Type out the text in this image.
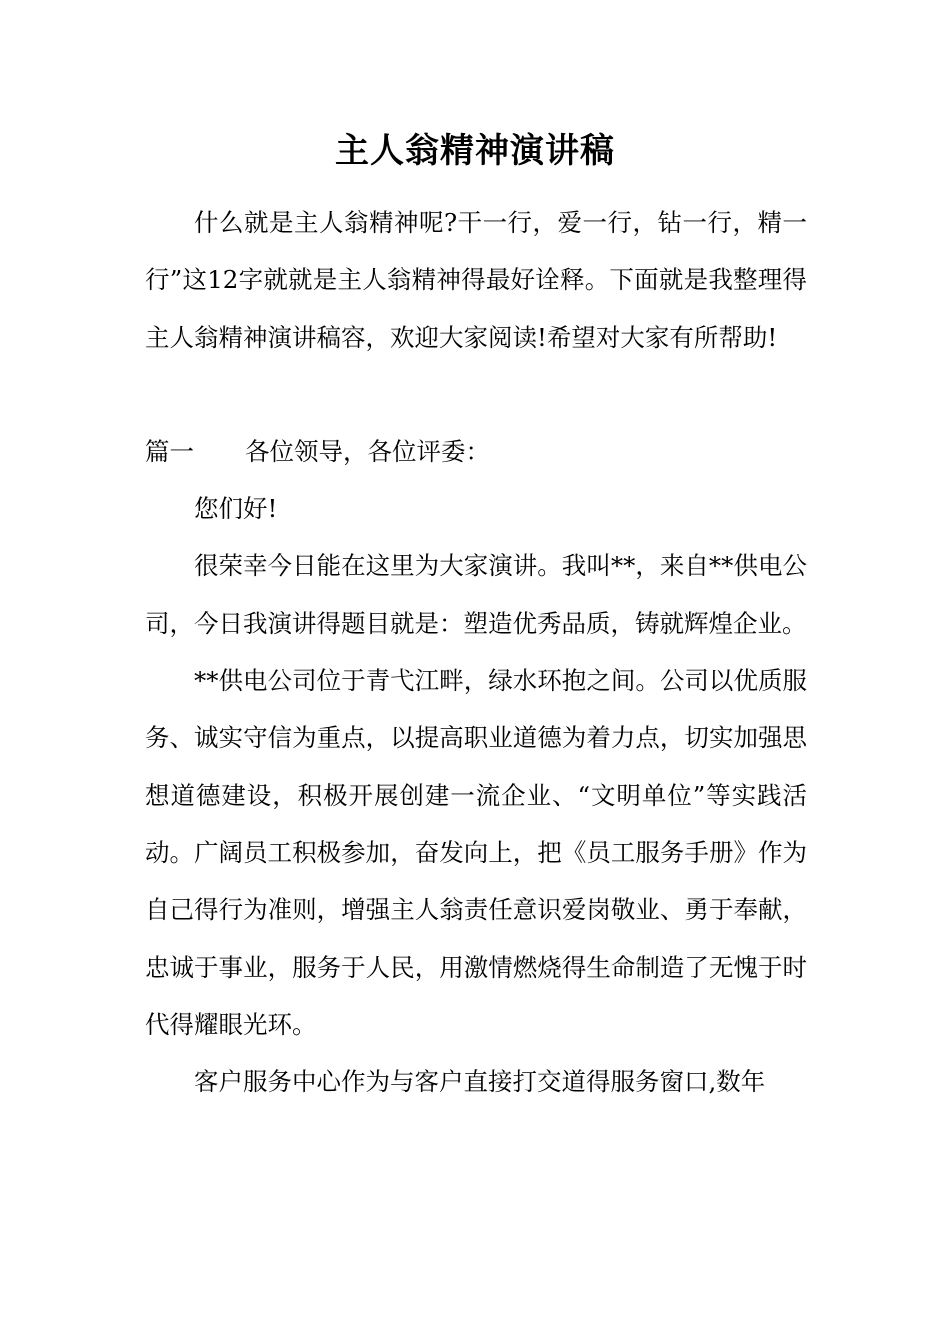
主人翁精神演讲稿

什么就是主人翁精神呢?干一行，爱一行，钻一行，精一行”这12字就就是主人翁精神得最好诠释。下面就是我整理得主人翁精神演讲稿容，欢迎大家阅读!希望对大家有所帮助!

篇一 各位领导，各位评委：

您们好!

很荣幸今日能在这里为大家演讲。我叫**，来自**供电公司，今日我演讲得题目就是：塑造优秀品质，铸就辉煌企业。

**供电公司位于青弋江畔，绿水环抱之间。公司以优质服务、诚实守信为重点，以提高职业道德为着力点，切实加强思想道德建设，积极开展创建一流企业、“文明单位”等实践活动。广阔员工积极参加，奋发向上，把《员工服务手册》作为自己得行为准则，增强主人翁责任意识爱岗敬业、勇于奉献，忠诚于事业，服务于人民，用激情燃烧得生命制造了无愧于时代得耀眼光环。

客户服务中心作为与客户直接打交道得服务窗口,数年
